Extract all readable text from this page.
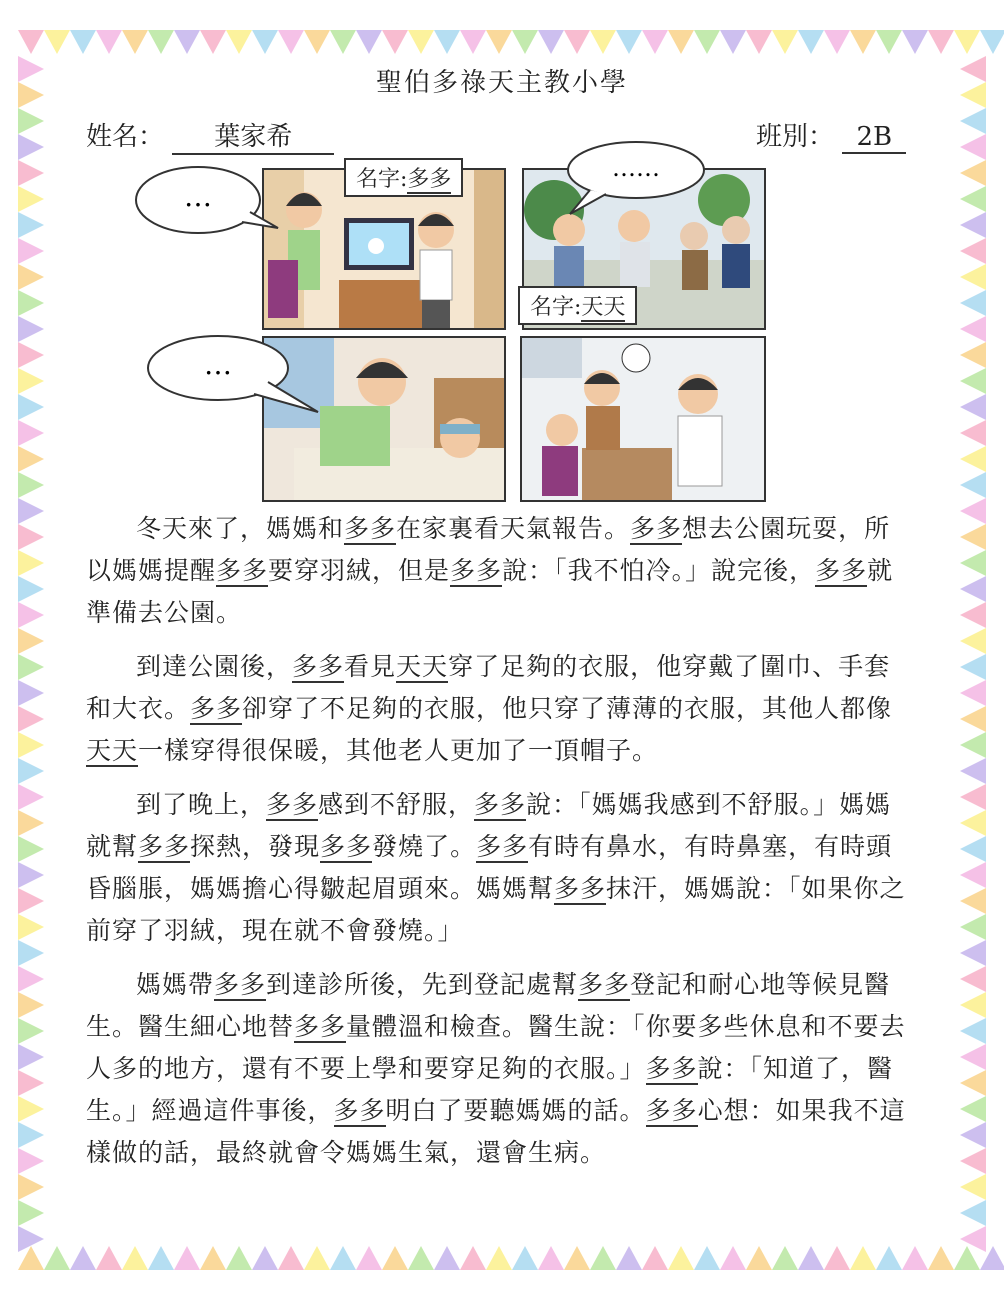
聖伯多祿天主教小學
姓名： 葉家希	班別： 2B
名字:多多
…
……
名字:天天
…

冬天來了，媽媽和多多在家裏看天氣報告。多多想去公園玩耍，所以媽媽提醒多多要穿羽絨，但是多多說：「我不怕冷。」說完後，多多就準備去公園。

到達公園後，多多看見天天穿了足夠的衣服，他穿戴了圍巾、手套和大衣。多多卻穿了不足夠的衣服，他只穿了薄薄的衣服，其他人都像天天一樣穿得很保暖，其他老人更加了一頂帽子。

到了晚上，多多感到不舒服，多多說：「媽媽我感到不舒服。」媽媽就幫多多探熱，發現多多發燒了。多多有時有鼻水，有時鼻塞，有時頭昏腦脹，媽媽擔心得皺起眉頭來。媽媽幫多多抹汗，媽媽說：「如果你之前穿了羽絨，現在就不會發燒。」

媽媽帶多多到達診所後，先到登記處幫多多登記和耐心地等候見醫生。醫生細心地替多多量體溫和檢查。醫生說：「你要多些休息和不要去人多的地方，還有不要上學和要穿足夠的衣服。」多多說：「知道了，醫生。」經過這件事後，多多明白了要聽媽媽的話。多多心想：如果我不這樣做的話，最終就會令媽媽生氣，還會生病。
